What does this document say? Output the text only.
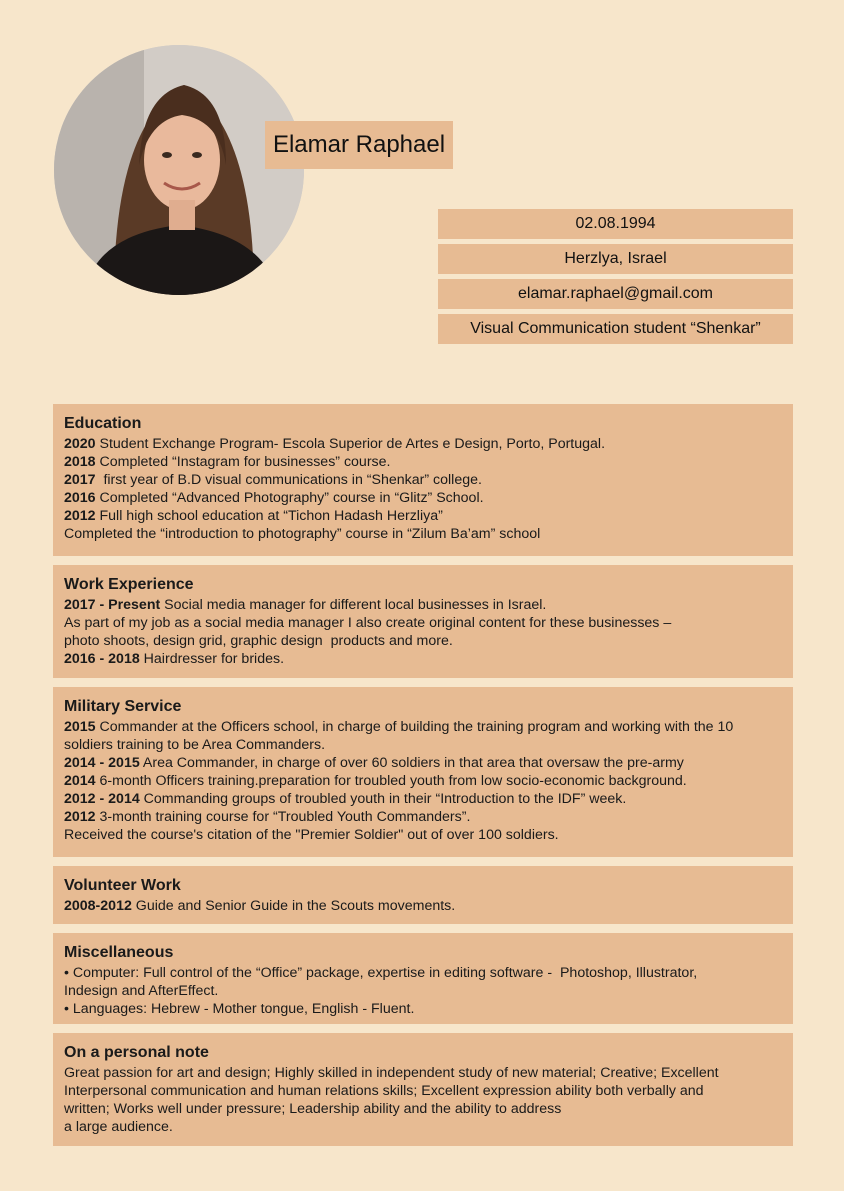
Elamar Raphael
02.08.1994
Herzlya, Israel
elamar.raphael@gmail.com
Visual Communication student “Shenkar”
Education
2020 Student Exchange Program- Escola Superior de Artes e Design, Porto, Portugal.
2018 Completed “Instagram for businesses” course.
2017  first year of B.D visual communications in “Shenkar” college.
2016 Completed “Advanced Photography” course in “Glitz” School.
2012 Full high school education at “Tichon Hadash Herzliya”
Completed the “introduction to photography” course in “Zilum Ba’am” school
Work Experience
2017 - Present Social media manager for different local businesses in Israel.
As part of my job as a social media manager I also create original content for these businesses –
photo shoots, design grid, graphic design  products and more.
2016 - 2018 Hairdresser for brides.
Military Service
2015 Commander at the Officers school, in charge of building the training program and working with the 10
soldiers training to be Area Commanders.
2014 - 2015 Area Commander, in charge of over 60 soldiers in that area that oversaw the pre-army
2014 6-month Officers training.preparation for troubled youth from low socio-economic background.
2012 - 2014 Commanding groups of troubled youth in their “Introduction to the IDF” week.
2012 3-month training course for “Troubled Youth Commanders”.
Received the course's citation of the "Premier Soldier" out of over 100 soldiers.
Volunteer Work
2008-2012 Guide and Senior Guide in the Scouts movements.
Miscellaneous
• Computer: Full control of the “Office” package, expertise in editing software -  Photoshop, Illustrator,
Indesign and AfterEffect.
• Languages: Hebrew - Mother tongue, English - Fluent.
On a personal note
Great passion for art and design; Highly skilled in independent study of new material; Creative; Excellent
Interpersonal communication and human relations skills; Excellent expression ability both verbally and
written; Works well under pressure; Leadership ability and the ability to address
a large audience.
